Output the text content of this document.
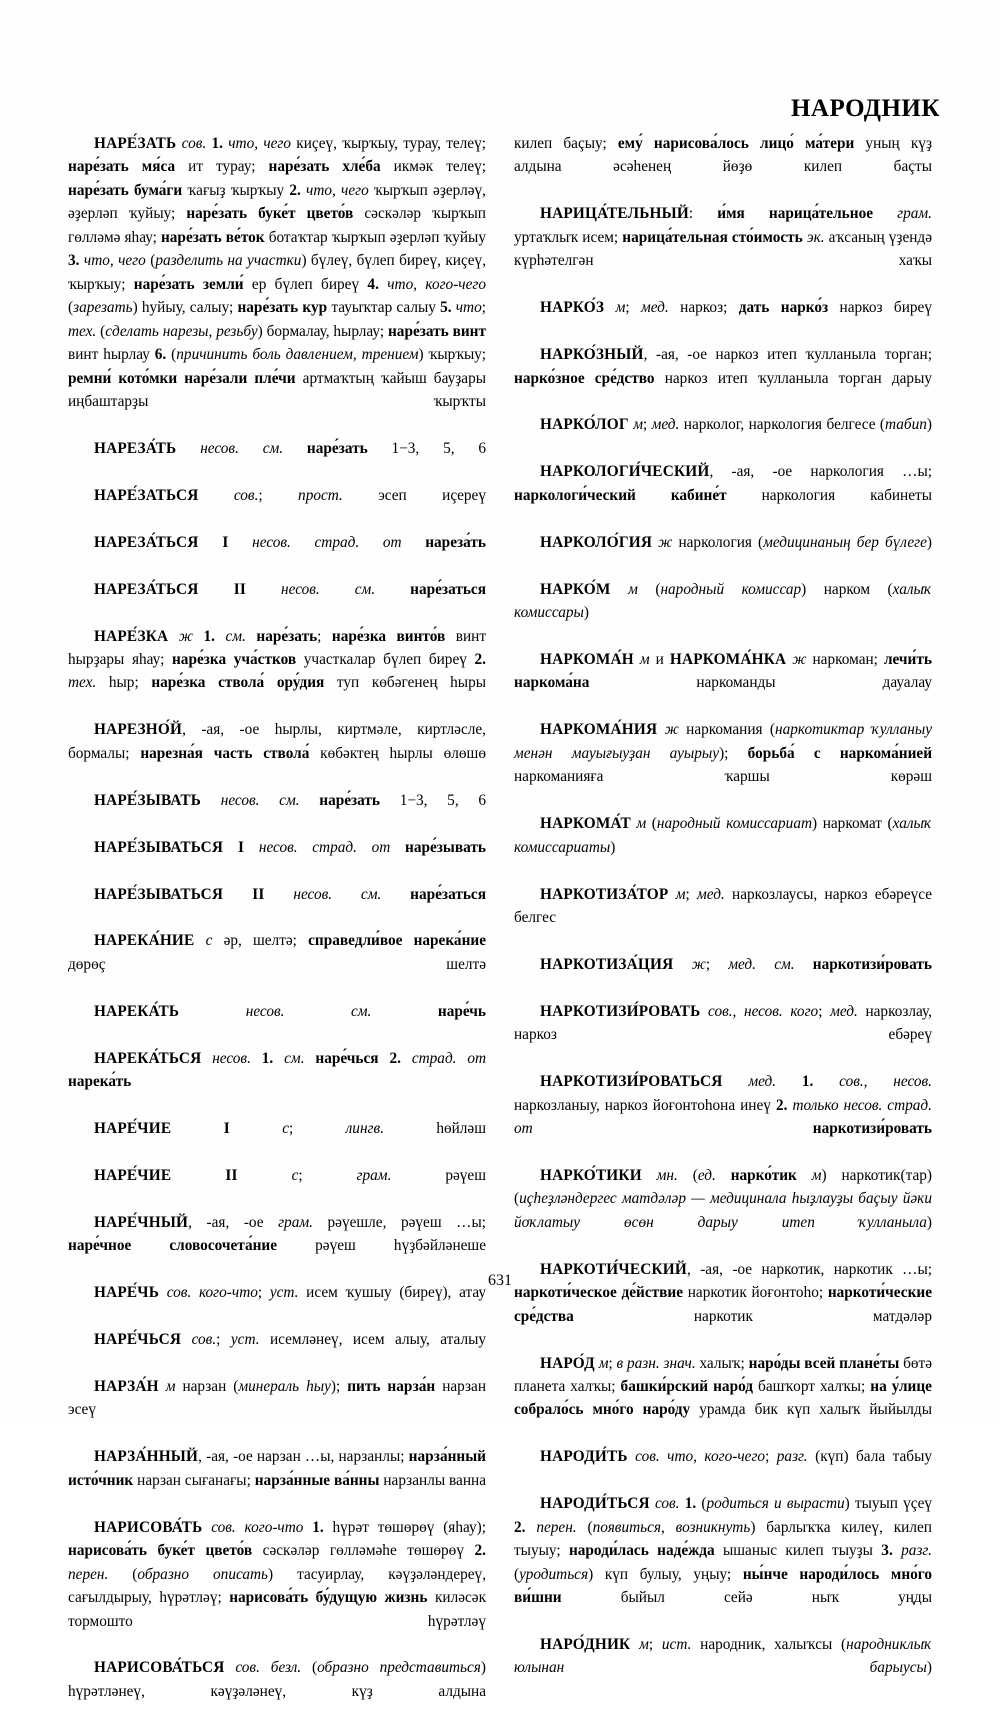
НАРОДНИК

НАРЕ́ЗАТЬ сов. 1. что, чего киçеү, ҡырҡыу, турау, телеү; наре́зать мя́са ит турау; наре́зать хле́ба икмәк телеү; наре́зать бума́ги ҡағыҙ ҡырҡыу 2. что, чего ҡырҡып әҙерләү, әҙерләп ҡуйыу; наре́зать буке́т цвето́в сәскәләр ҡырҡып гөлләмә яһау; наре́зать ве́ток ботаҡтар ҡырҡып әҙерләп ҡуйыу 3. что, чего (разделить на участки) бүлеү, бүлеп биреү, киçеү, ҡырҡыу; наре́зать земли́ ер бүлеп биреү 4. что, кого-чего (зарезать) һуйыу, салыу; наре́зать кур тауыҡтар салыу 5. что; тех. (сделать нарезы, резьбу) бормалау, һырлау; наре́зать винт винт һырлау 6. (причинить боль давлением, трением) ҡырҡыу; ремни́ кото́мки наре́зали пле́чи артмаҡтың ҡайыш бауҙары иңбаштарҙы ҡырҡты

НАРЕЗА́ТЬ несов. см. наре́зать 1−3, 5, 6

НАРЕ́ЗАТЬСЯ сов.; прост. эсеп иçереү

НАРЕЗА́ТЬСЯ I несов. страд. от нареза́ть

НАРЕЗА́ТЬСЯ II несов. см. наре́заться

НАРЕ́ЗКА ж 1. см. наре́зать; наре́зка винто́в винт һырҙары яһау; наре́зка уча́стков участкалар бүлеп биреү 2. тех. һыр; наре́зка ствола́ ору́дия туп көбәгенең һыры

НАРЕЗНО́Й, -ая, -ое һырлы, киртмәле, киртләсле, бормалы; нарезна́я часть ствола́ көбәктең һырлы өлөшө

НАРЕ́ЗЫВАТЬ несов. см. наре́зать 1−3, 5, 6

НАРЕ́ЗЫВАТЬСЯ I несов. страд. от наре́зывать

НАРЕ́ЗЫВАТЬСЯ II несов. см. наре́заться

НАРЕКА́НИЕ с әр, шелтә; справедли́вое нарека́ние дөрөç шелтә

НАРЕКА́ТЬ	несов. см.	наре́чь

НАРЕКА́ТЬСЯ несов. 1. см. наре́чься 2. страд. от нарека́ть

НАРЕ́ЧИЕ I	с; лингв. һөйләш

НАРЕ́ЧИЕ II	с; грам. рәүеш

НАРЕ́ЧНЫЙ, -ая, -ое грам. рәүешле, рәүеш …ы; наре́чное словосочета́ние рәүеш һүҙбәйләнеше

НАРЕ́ЧЬ сов. кого-что; уст. исем ҡушыу (биреү), атау

НАРЕ́ЧЬСЯ сов.; уст. исемләнеү, исем алыу, аталыу

НАРЗА́Н м нарзан (минераль һыу); пить нарза́н нарзан эсеү

НАРЗА́ННЫЙ, -ая, -ое нарзан …ы, нарзанлы; нарза́нный исто́чник нарзан сығанағы; нарза́нные ва́нны нарзанлы ванна

НАРИСОВА́ТЬ сов. кого-что 1. һүрәт төшөрөү (яһау); нарисова́ть буке́т цвето́в сәскәләр гөлләмәһе төшөрөү 2. перен. (образно описать) тасуирлау, кәүҙәләндереү, сағылдырыу, һүрәтләү; нарисова́ть бу́дущую жизнь киләсәк тормошто һүрәтләү

НАРИСОВА́ТЬСЯ сов. безл. (образно представиться) һүрәтләнеү, кәүҙәләнеү, күҙ алдына

килеп баçыу; ему́ нарисова́лось лицо́ ма́тери уның күҙ алдына әсәһенең йөҙө килеп баçты

НАРИЦА́ТЕЛЬНЫЙ: и́мя нарица́тельное грам. уртаҡлыҡ исем; нарица́тельная сто́имость эк. аҡсаның үҙендә күрһәтелгән хаҡы

НАРКО́З м; мед. наркоз; дать нарко́з наркоз биреү

НАРКО́ЗНЫЙ, -ая, -ое наркоз итеп ҡулланыла торган; нарко́зное сре́дство наркоз итеп ҡулланыла торган дарыу

НАРКО́ЛОГ м; мед. нарколог, наркология белгесе (табип)

НАРКОЛОГИ́ЧЕСКИЙ, -ая, -ое наркология …ы; наркологи́ческий кабине́т наркология кабинеты

НАРКОЛО́ГИЯ ж наркология (медицинаның бер бүлеге)

НАРКО́М м (народный комиссар) нарком (халыҡ комиссары)

НАРКОМА́Н м и НАРКОМА́НКА ж наркоман; лечи́ть наркома́на наркоманды дауалау

НАРКОМА́НИЯ ж наркомания (наркотиктар ҡулланыу менән мауығыуҙан ауырыу); борьба́ с наркома́нией наркоманияға ҡаршы көрәш

НАРКОМА́Т м (народный комиссариат) наркомат (халыҡ комиссариаты)

НАРКОТИЗА́ТОР м; мед. наркозлаусы, наркоз ебәреүсе белгес

НАРКОТИЗА́ЦИЯ ж; мед. см. наркотизи́ровать

НАРКОТИЗИ́РОВАТЬ сов., несов. кого; мед. наркозлау, наркоз ебәреү

НАРКОТИЗИ́РОВАТЬСЯ мед. 1. сов., несов. наркозланыу, наркоз йоғонтоһона инеү 2. только несов. страд. от	наркотизи́ровать

НАРКО́ТИКИ мн. (ед. нарко́тик м) наркотик(тар) (иçһеҙләндергес матдәләр — медицинала һыҙлауҙы баçыу йәки йоҡлатыу өсөн дарыу итеп ҡулланыла)

НАРКОТИ́ЧЕСКИЙ, -ая, -ое наркотик, наркотик …ы; наркоти́ческое де́йствие наркотик йоғонтоһо; наркоти́ческие сре́дства наркотик матдәләр

НАРО́Д м; в разн. знач. халыҡ; наро́ды всей плане́ты бөтә планета халҡы; башки́рский наро́д башҡорт халҡы; на у́лице собрало́сь мно́го наро́ду урамда бик күп халыҡ йыйылды

НАРОДИ́ТЬ сов. что, кого-чего; разг. (күп) бала табыу

НАРОДИ́ТЬСЯ сов. 1. (родиться и вырасти) тыуып үçеү 2. перен. (появиться, возникнуть) барлыҡҡа килеү, килеп тыуыу; народи́лась наде́жда ышаныс килеп тыуҙы 3. разг. (уродиться) күп булыу, уңыу; ны́нче народи́лось мно́го ви́шни быйыл сейә ныҡ уңды

НАРО́ДНИК м; ист. народник, халыҡсы (народниклыҡ юлынан барыусы)

631
